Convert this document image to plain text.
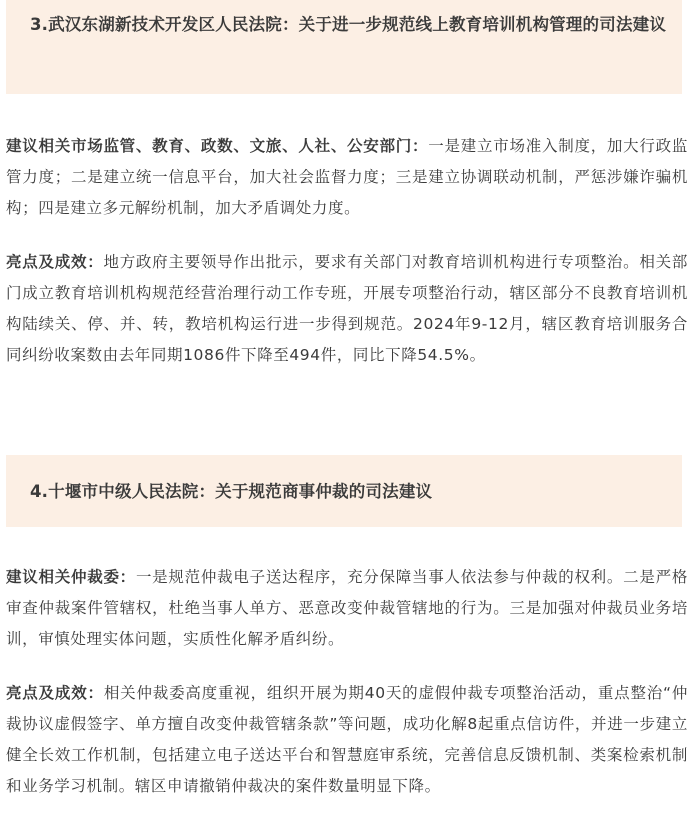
3.武汉东湖新技术开发区人民法院：关于进一步规范线上教育培训机构管理的司法建议
建议相关市场监管、教育、政数、文旅、人社、公安部门：一是建立市场准入制度，加大行政监管力度；二是建立统一信息平台，加大社会监督力度；三是建立协调联动机制，严惩涉嫌诈骗机构；四是建立多元解纷机制，加大矛盾调处力度。
亮点及成效：地方政府主要领导作出批示，要求有关部门对教育培训机构进行专项整治。相关部门成立教育培训机构规范经营治理行动工作专班，开展专项整治行动，辖区部分不良教育培训机构陆续关、停、并、转，教培机构运行进一步得到规范。2024年9-12月，辖区教育培训服务合同纠纷收案数由去年同期1086件下降至494件，同比下降54.5%。
4.十堰市中级人民法院：关于规范商事仲裁的司法建议
建议相关仲裁委：一是规范仲裁电子送达程序，充分保障当事人依法参与仲裁的权利。二是严格审查仲裁案件管辖权，杜绝当事人单方、恶意改变仲裁管辖地的行为。三是加强对仲裁员业务培训，审慎处理实体问题，实质性化解矛盾纠纷。
亮点及成效：相关仲裁委高度重视，组织开展为期40天的虚假仲裁专项整治活动，重点整治“仲裁协议虚假签字、单方擅自改变仲裁管辖条款”等问题，成功化解8起重点信访件，并进一步建立健全长效工作机制，包括建立电子送达平台和智慧庭审系统，完善信息反馈机制、类案检索机制和业务学习机制。辖区申请撤销仲裁决的案件数量明显下降。
